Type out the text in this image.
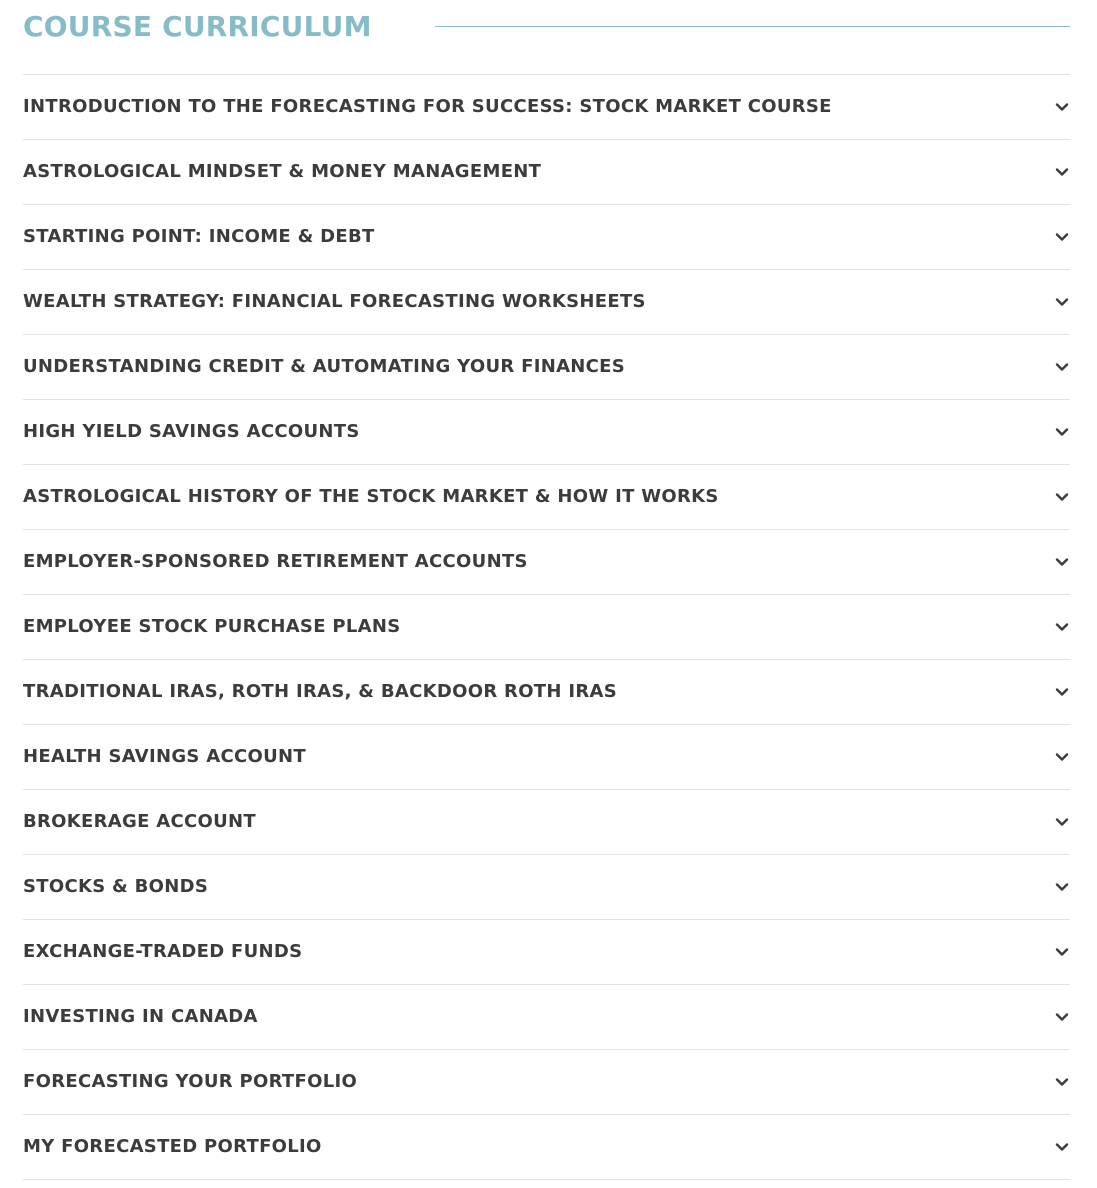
COURSE CURRICULUM
INTRODUCTION TO THE FORECASTING FOR SUCCESS: STOCK MARKET COURSE
ASTROLOGICAL MINDSET & MONEY MANAGEMENT
STARTING POINT: INCOME & DEBT
WEALTH STRATEGY: FINANCIAL FORECASTING WORKSHEETS
UNDERSTANDING CREDIT & AUTOMATING YOUR FINANCES
HIGH YIELD SAVINGS ACCOUNTS
ASTROLOGICAL HISTORY OF THE STOCK MARKET & HOW IT WORKS
EMPLOYER-SPONSORED RETIREMENT ACCOUNTS
EMPLOYEE STOCK PURCHASE PLANS
TRADITIONAL IRAS, ROTH IRAS, & BACKDOOR ROTH IRAS
HEALTH SAVINGS ACCOUNT
BROKERAGE ACCOUNT
STOCKS & BONDS
EXCHANGE-TRADED FUNDS
INVESTING IN CANADA
FORECASTING YOUR PORTFOLIO
MY FORECASTED PORTFOLIO
